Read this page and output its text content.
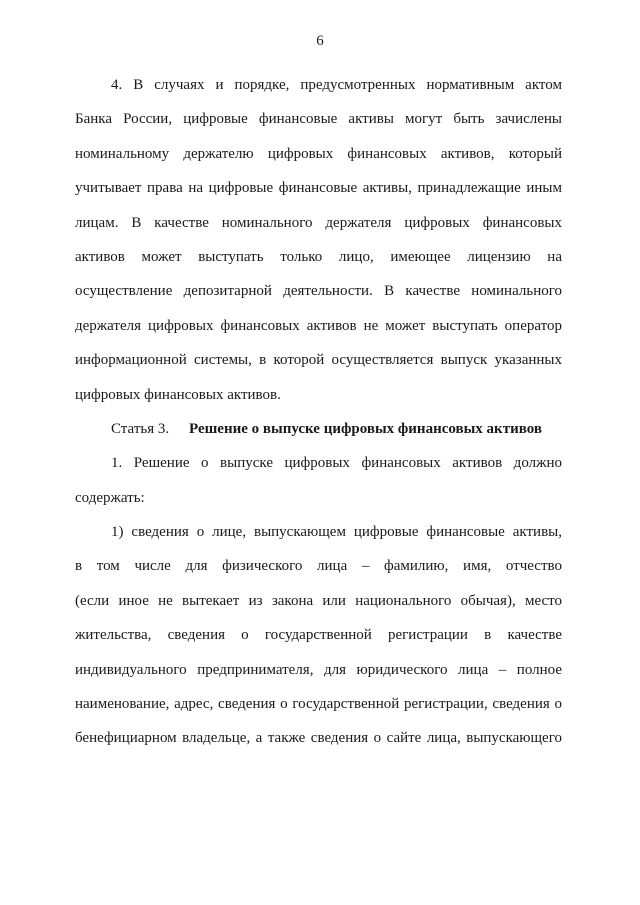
6
4. В случаях и порядке, предусмотренных нормативным актом
Банка России, цифровые финансовые активы могут быть зачислены
номинальному держателю цифровых финансовых активов, который
учитывает права на цифровые финансовые активы, принадлежащие иным
лицам. В качестве номинального держателя цифровых финансовых
активов может выступать только лицо, имеющее лицензию на
осуществление депозитарной деятельности. В качестве номинального
держателя цифровых финансовых активов не может выступать оператор
информационной системы, в которой осуществляется выпуск указанных
цифровых финансовых активов.
Статья 3. Решение о выпуске цифровых финансовых активов
1. Решение о выпуске цифровых финансовых активов должно
содержать:
1) сведения о лице, выпускающем цифровые финансовые активы,
в том числе для физического лица – фамилию, имя, отчество
(если иное не вытекает из закона или национального обычая), место
жительства, сведения о государственной регистрации в качестве
индивидуального предпринимателя, для юридического лица – полное
наименование, адрес, сведения о государственной регистрации, сведения о
бенефициарном владельце, а также сведения о сайте лица, выпускающего
